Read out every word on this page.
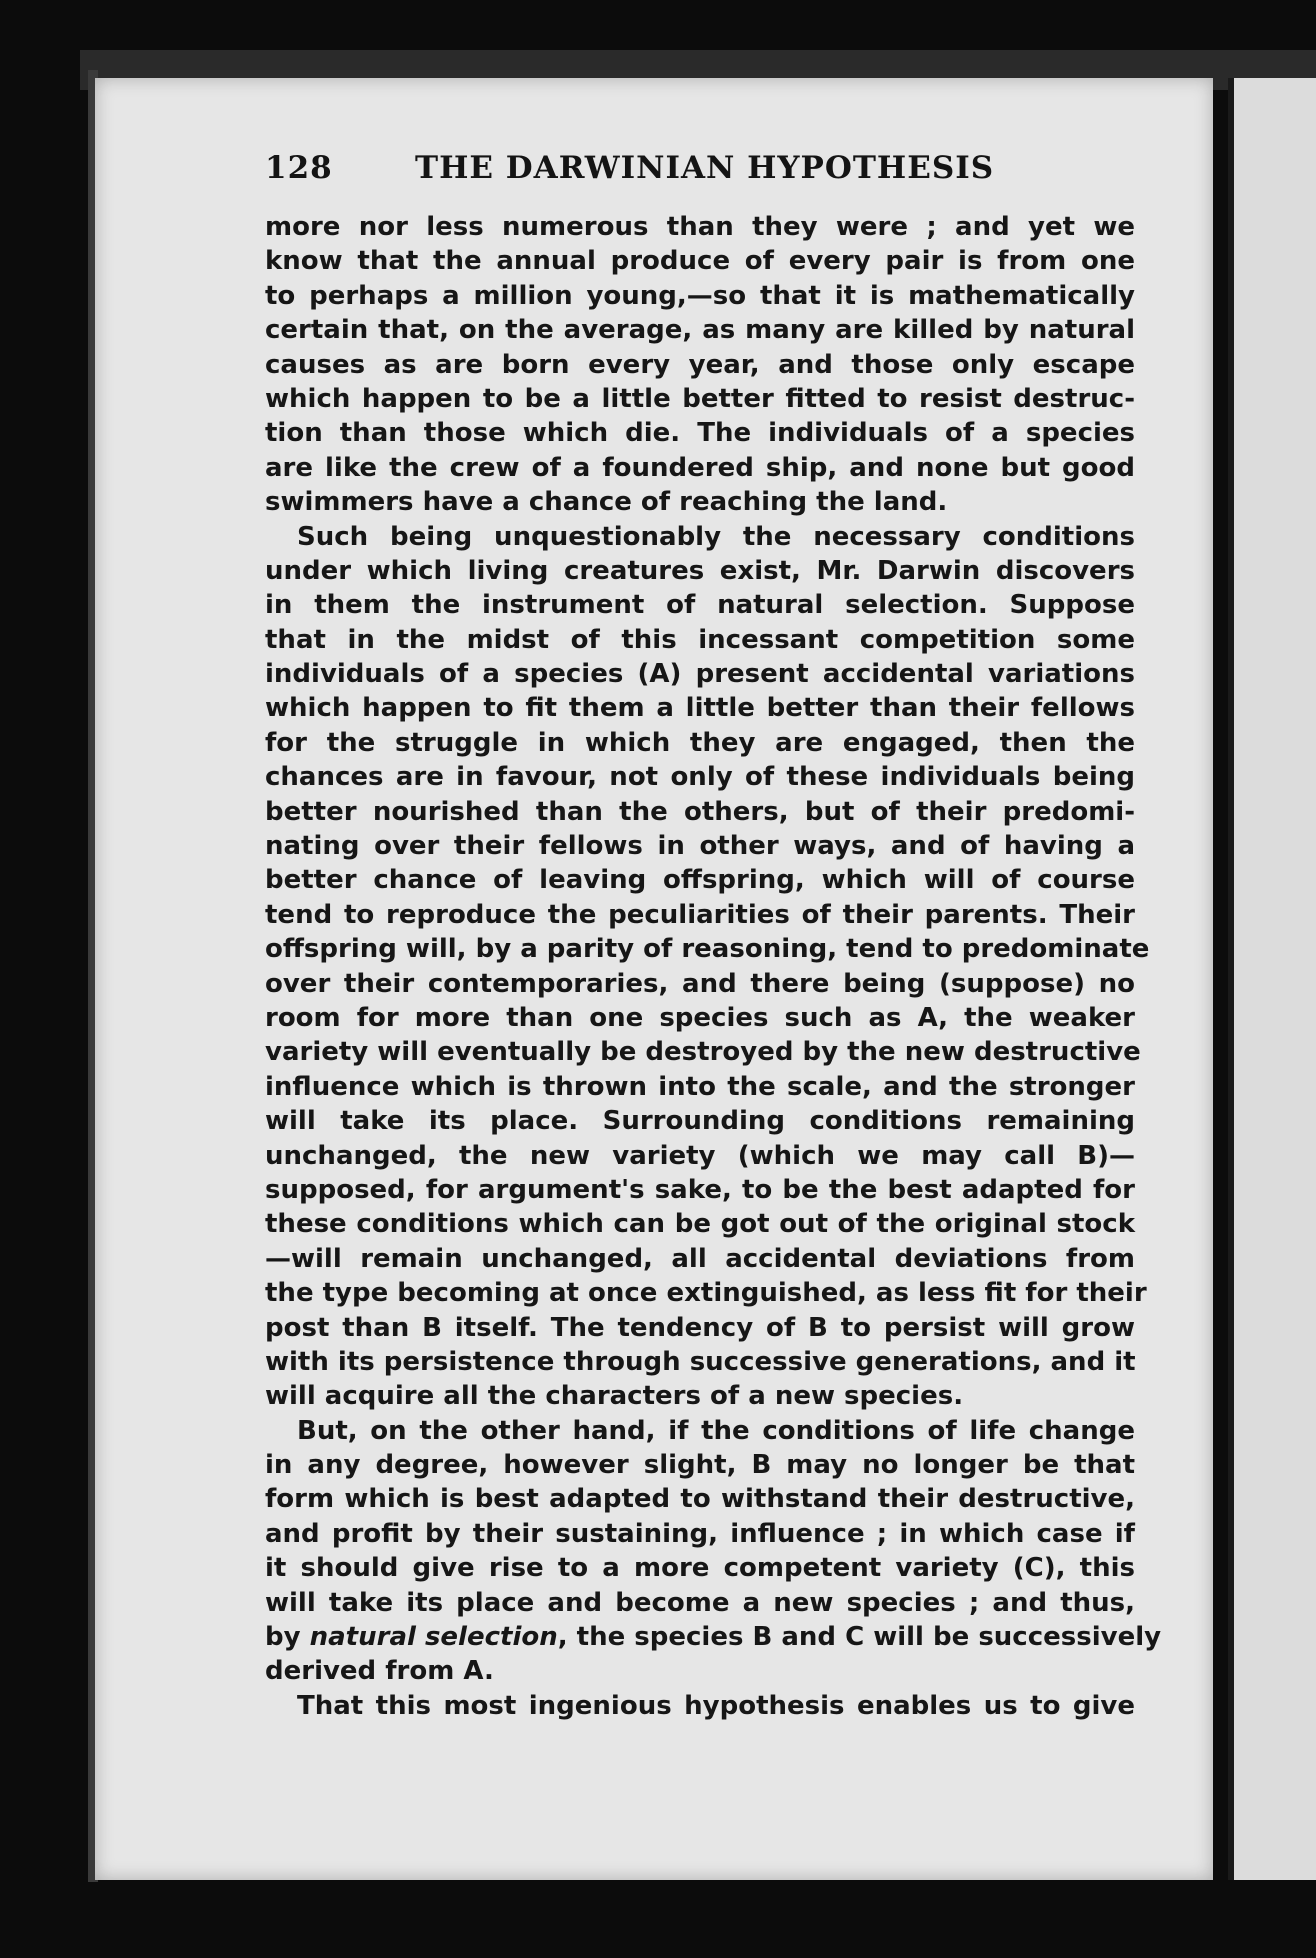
128	THE DARWINIAN HYPOTHESIS
more nor less numerous than they were ; and yet we
know that the annual produce of every pair is from one
to perhaps a million young,—so that it is mathematically
certain that, on the average, as many are killed by natural
causes as are born every year, and those only escape
which happen to be a little better fitted to resist destruc-
tion than those which die. The individuals of a species
are like the crew of a foundered ship, and none but good
swimmers have a chance of reaching the land.
Such being unquestionably the necessary conditions
under which living creatures exist, Mr. Darwin discovers
in them the instrument of natural selection. Suppose
that in the midst of this incessant competition some
individuals of a species (A) present accidental variations
which happen to fit them a little better than their fellows
for the struggle in which they are engaged, then the
chances are in favour, not only of these individuals being
better nourished than the others, but of their predomi-
nating over their fellows in other ways, and of having a
better chance of leaving offspring, which will of course
tend to reproduce the peculiarities of their parents. Their
offspring will, by a parity of reasoning, tend to predominate
over their contemporaries, and there being (suppose) no
room for more than one species such as A, the weaker
variety will eventually be destroyed by the new destructive
influence which is thrown into the scale, and the stronger
will take its place. Surrounding conditions remaining
unchanged, the new variety (which we may call B)—
supposed, for argument's sake, to be the best adapted for
these conditions which can be got out of the original stock
—will remain unchanged, all accidental deviations from
the type becoming at once extinguished, as less fit for their
post than B itself. The tendency of B to persist will grow
with its persistence through successive generations, and it
will acquire all the characters of a new species.
But, on the other hand, if the conditions of life change
in any degree, however slight, B may no longer be that
form which is best adapted to withstand their destructive,
and profit by their sustaining, influence ; in which case if
it should give rise to a more competent variety (C), this
will take its place and become a new species ; and thus,
by natural selection, the species B and C will be successively
derived from A.
That this most ingenious hypothesis enables us to give
